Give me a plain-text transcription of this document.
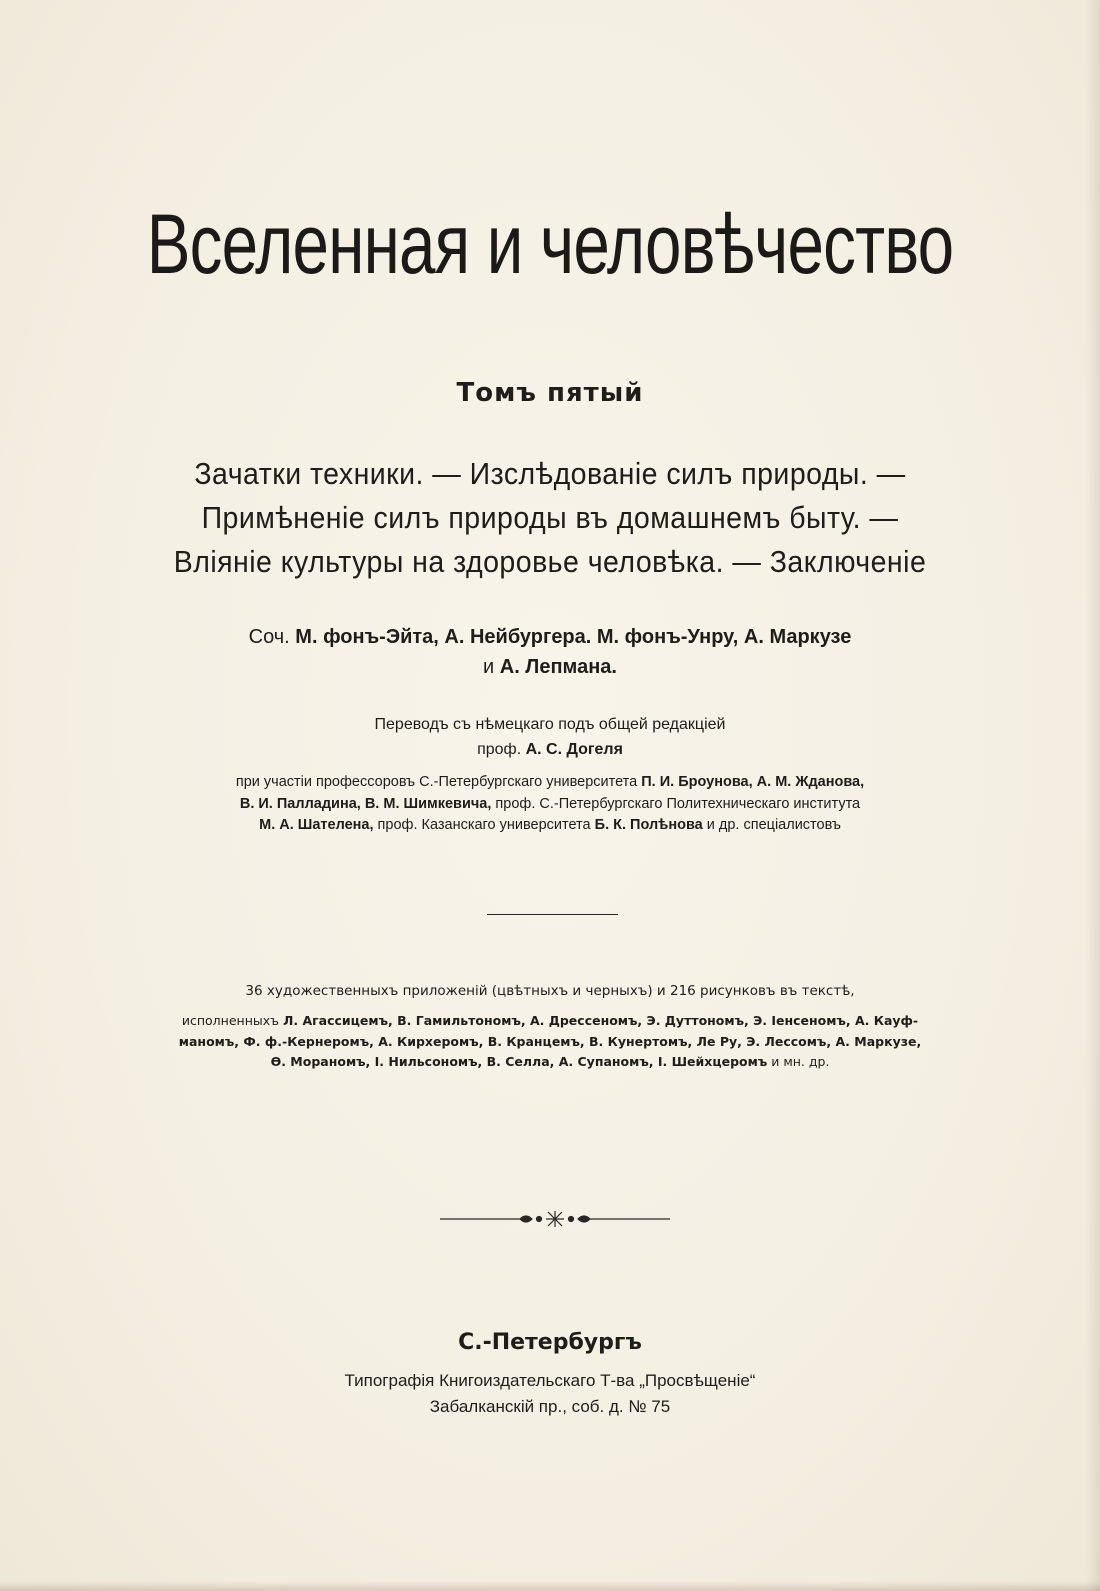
Вселенная и человѣчество
Томъ пятый
Зачатки техники. — Изслѣдованіе силъ природы. —
Примѣненіе силъ природы въ домашнемъ быту. —
Вліяніе культуры на здоровье человѣка. — Заключеніе
Соч. М. фонъ-Эйта, А. Нейбургера. М. фонъ-Унру, А. Маркузе
и А. Лепмана.
Переводъ съ нѣмецкаго подъ общей редакціей
проф. А. С. Догеля
при участіи профессоровъ С.-Петербургскаго университета П. И. Броунова, А. М. Жданова,
В. И. Палладина, В. М. Шимкевича, проф. С.-Петербургскаго Политехническаго института
М. А. Шателена, проф. Казанскаго университета Б. К. Полѣнова и др. спеціалистовъ
36 художественныхъ приложеній (цвѣтныхъ и черныхъ) и 216 рисунковъ въ текстѣ,
исполненныхъ Л. Агассицемъ, В. Гамильтономъ, А. Дрессеномъ, Э. Дуттономъ, Э. Іенсеномъ, А. Кауф-
маномъ, Ф. ф.-Кернеромъ, А. Кирхеромъ, В. Кранцемъ, В. Кунертомъ, Ле Ру, Э. Лессомъ, А. Маркузе,
Ѳ. Морaномъ, І. Нильсономъ, В. Селла, А. Супаномъ, І. Шейхцеромъ и мн. др.
С.-Петербургъ
Типографія Книгоиздательскаго Т-ва „Просвѣщеніе“
Забалканскій пр., соб. д. № 75
